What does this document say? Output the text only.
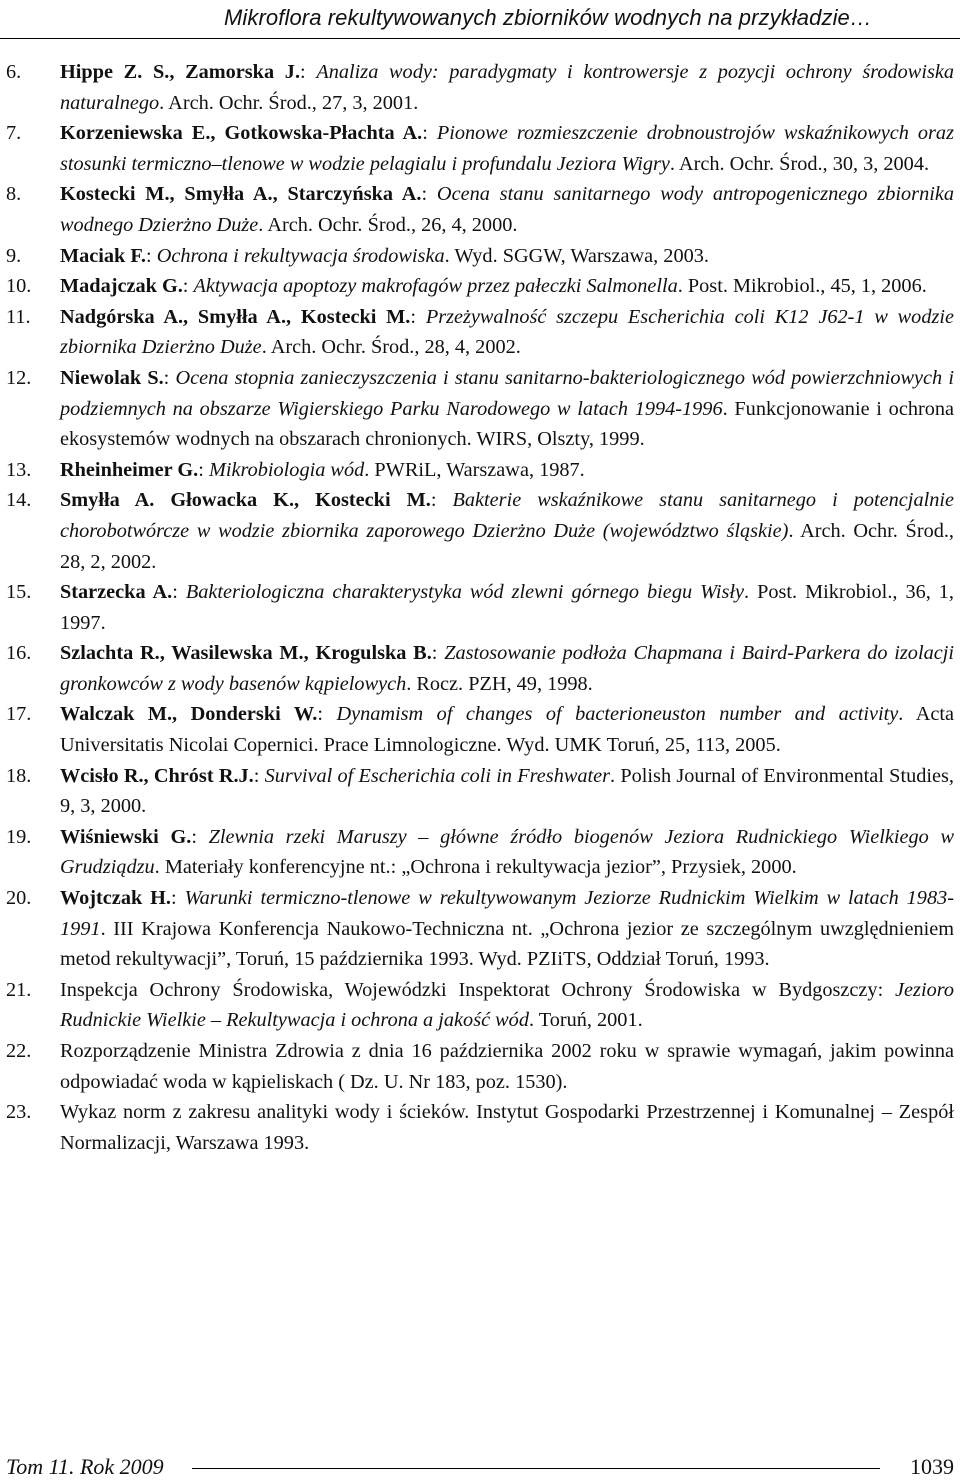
Mikroflora rekultywowanych zbiorników wodnych na przykładzie…
6. Hippe Z. S., Zamorska J.: Analiza wody: paradygmaty i kontrowersje z pozycji ochrony środowiska naturalnego. Arch. Ochr. Środ., 27, 3, 2001.
7. Korzeniewska E., Gotkowska-Płachta A.: Pionowe rozmieszczenie drobnoustrojów wskaźnikowych oraz stosunki termiczno–tlenowe w wodzie pelagialu i profundalu Jeziora Wigry. Arch. Ochr. Środ., 30, 3, 2004.
8. Kostecki M., Smyłła A., Starczyńska A.: Ocena stanu sanitarnego wody antropogenicznego zbiornika wodnego Dzierżno Duże. Arch. Ochr. Środ., 26, 4, 2000.
9. Maciak F.: Ochrona i rekultywacja środowiska. Wyd. SGGW, Warszawa, 2003.
10. Madajczak G.: Aktywacja apoptozy makrofagów przez pałeczki Salmonella. Post. Mikrobiol., 45, 1, 2006.
11. Nadgórska A., Smyłła A., Kostecki M.: Przeżywalność szczepu Escherichia coli K12 J62-1 w wodzie zbiornika Dzierżno Duże. Arch. Ochr. Środ., 28, 4, 2002.
12. Niewolak S.: Ocena stopnia zanieczyszczenia i stanu sanitarno-bakteriologicznego wód powierzchniowych i podziemnych na obszarze Wigierskiego Parku Narodowego w latach 1994-1996. Funkcjonowanie i ochrona ekosystemów wodnych na obszarach chronionych. WIRS, Olszty, 1999.
13. Rheinheimer G.: Mikrobiologia wód. PWRiL, Warszawa, 1987.
14. Smyłła A. Głowacka K., Kostecki M.: Bakterie wskaźnikowe stanu sanitarnego i potencjalnie chorobotwórcze w wodzie zbiornika zaporowego Dzierżno Duże (województwo śląskie). Arch. Ochr. Środ., 28, 2, 2002.
15. Starzecka A.: Bakteriologiczna charakterystyka wód zlewni górnego biegu Wisły. Post. Mikrobiol., 36, 1, 1997.
16. Szlachta R., Wasilewska M., Krogulska B.: Zastosowanie podłoża Chapmana i Baird-Parkera do izolacji gronkowców z wody basenów kąpielowych. Rocz. PZH, 49, 1998.
17. Walczak M., Donderski W.: Dynamism of changes of bacterioneuston number and activity. Acta Universitatis Nicolai Copernici. Prace Limnologiczne. Wyd. UMK Toruń, 25, 113, 2005.
18. Wcisło R., Chróst R.J.: Survival of Escherichia coli in Freshwater. Polish Journal of Environmental Studies, 9, 3, 2000.
19. Wiśniewski G.: Zlewnia rzeki Maruszy – główne źródło biogenów Jeziora Rudnickiego Wielkiego w Grudziądzu. Materiały konferencyjne nt.: „Ochrona i rekultywacja jezior”, Przysiek, 2000.
20. Wojtczak H.: Warunki termiczno-tlenowe w rekultywowanym Jeziorze Rudnickim Wielkim w latach 1983-1991. III Krajowa Konferencja Naukowo-Techniczna nt. „Ochrona jezior ze szczególnym uwzględnieniem metod rekultywacji”, Toruń, 15 października 1993. Wyd. PZIiTS, Oddział Toruń, 1993.
21. Inspekcja Ochrony Środowiska, Wojewódzki Inspektorat Ochrony Środowiska w Bydgoszczy: Jezioro Rudnickie Wielkie – Rekultywacja i ochrona a jakość wód. Toruń, 2001.
22. Rozporządzenie Ministra Zdrowia z dnia 16 października 2002 roku w sprawie wymagań, jakim powinna odpowiadać woda w kąpieliskach ( Dz. U. Nr 183, poz. 1530).
23. Wykaz norm z zakresu analityki wody i ścieków. Instytut Gospodarki Przestrzennej i Komunalnej – Zespół Normalizacji, Warszawa 1993.
Tom 11. Rok 2009	1039
